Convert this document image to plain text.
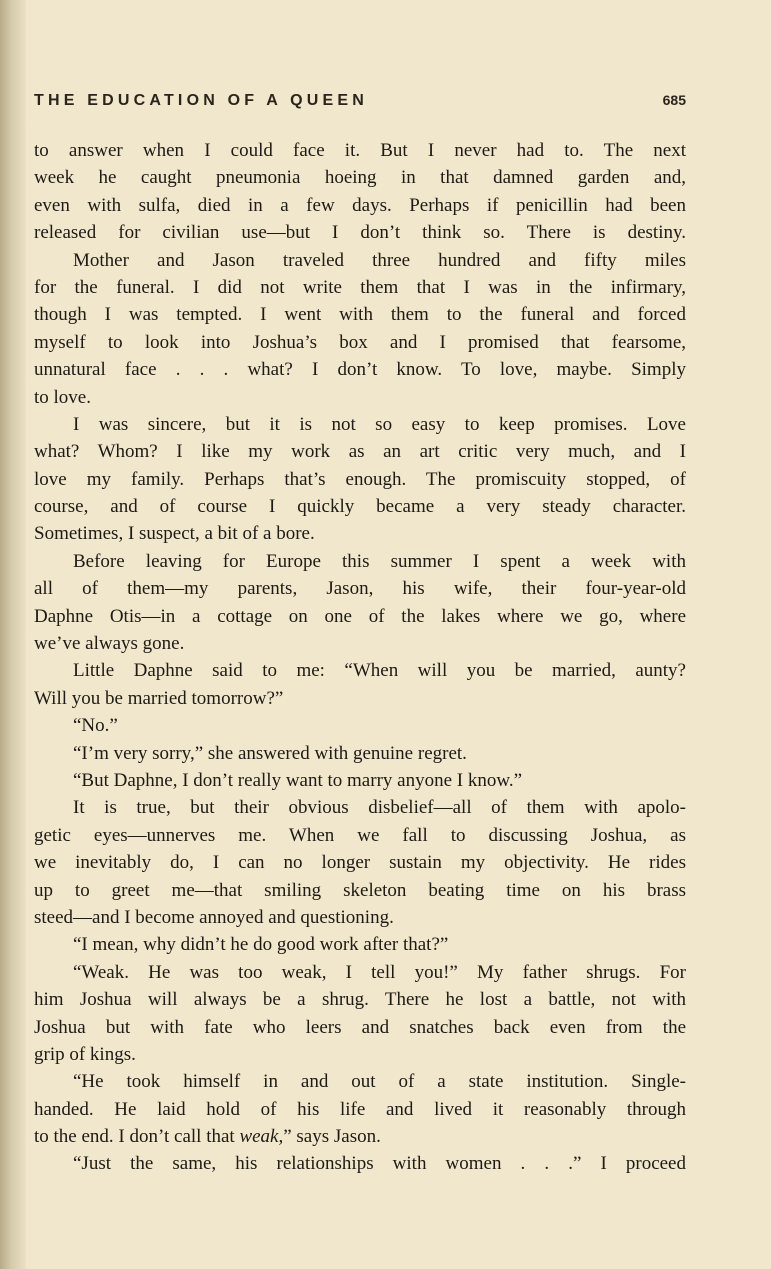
THE EDUCATION OF A QUEEN	685
to answer when I could face it. But I never had to. The next
week he caught pneumonia hoeing in that damned garden and,
even with sulfa, died in a few days. Perhaps if penicillin had been
released for civilian use—but I don’t think so. There is destiny.
Mother and Jason traveled three hundred and fifty miles
for the funeral. I did not write them that I was in the infirmary,
though I was tempted. I went with them to the funeral and forced
myself to look into Joshua’s box and I promised that fearsome,
unnatural face . . . what? I don’t know. To love, maybe. Simply
to love.
I was sincere, but it is not so easy to keep promises. Love
what? Whom? I like my work as an art critic very much, and I
love my family. Perhaps that’s enough. The promiscuity stopped, of
course, and of course I quickly became a very steady character.
Sometimes, I suspect, a bit of a bore.
Before leaving for Europe this summer I spent a week with
all of them—my parents, Jason, his wife, their four-year-old
Daphne Otis—in a cottage on one of the lakes where we go, where
we’ve always gone.
Little Daphne said to me: “When will you be married, aunty?
Will you be married tomorrow?”
“No.”
“I’m very sorry,” she answered with genuine regret.
“But Daphne, I don’t really want to marry anyone I know.”
It is true, but their obvious disbelief—all of them with apolo-
getic eyes—unnerves me. When we fall to discussing Joshua, as
we inevitably do, I can no longer sustain my objectivity. He rides
up to greet me—that smiling skeleton beating time on his brass
steed—and I become annoyed and questioning.
“I mean, why didn’t he do good work after that?”
“Weak. He was too weak, I tell you!” My father shrugs. For
him Joshua will always be a shrug. There he lost a battle, not with
Joshua but with fate who leers and snatches back even from the
grip of kings.
“He took himself in and out of a state institution. Single-
handed. He laid hold of his life and lived it reasonably through
to the end. I don’t call that weak,” says Jason.
“Just the same, his relationships with women . . .” I proceed
